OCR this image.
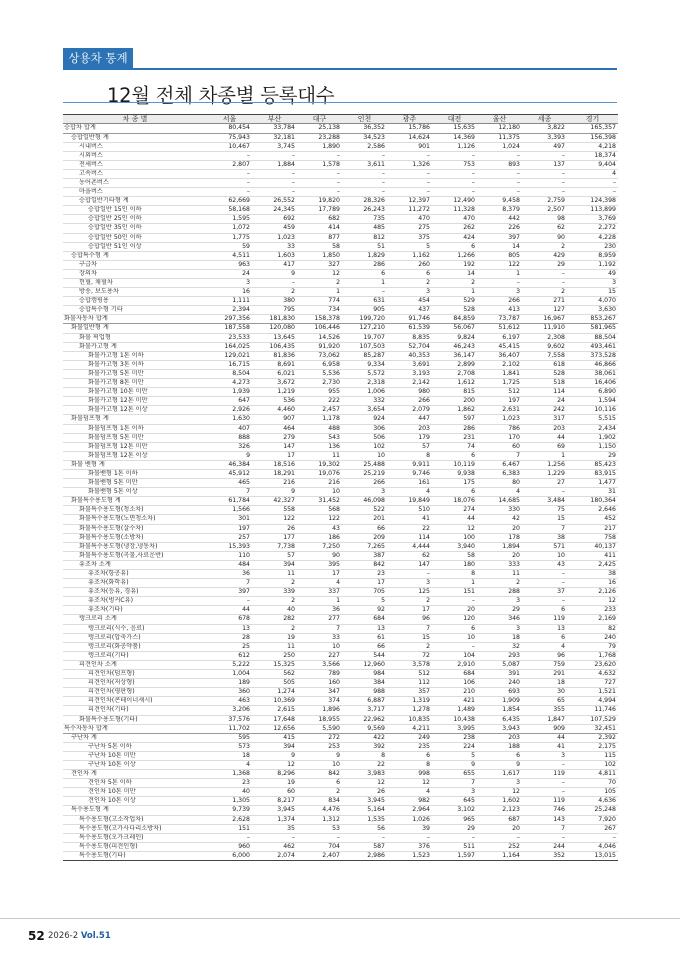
상용차 통계
12월 전체 차종별 등록대수
차 종 별	서울	부산	대구	인천	광주	대전	울산	세종	경기
승합차 합계	80,454	33,784	25,138	36,352	15,786	15,635	12,180	3,822	165,357
승합일반형 계	75,943	32,181	23,288	34,523	14,624	14,369	11,375	3,393	156,398
시내버스	10,467	3,745	1,890	2,586	901	1,126	1,024	497	4,218
시외버스	–	–	–	–	–	–	–	–	18,374
전세버스	2,807	1,884	1,578	3,611	1,326	753	893	137	9,404
고속버스	–	–	–	–	–	–	–	–	4
농어촌버스	–	–	–	–	–	–	–	–	–
마을버스	–	–	–	–	–	–	–	–	–
승합일반기타형 계	62,669	26,552	19,820	28,326	12,397	12,490	9,458	2,759	124,398
승합일반 15인 이하	58,168	24,345	17,789	26,243	11,272	11,328	8,379	2,507	113,899
승합일반 25인 이하	1,595	692	682	735	470	470	442	98	3,769
승합일반 35인 이하	1,072	459	414	485	275	262	226	62	2,272
승합일반 50인 이하	1,775	1,023	877	812	375	424	397	90	4,228
승합일반 51인 이상	59	33	58	51	5	6	14	2	230
승합특수형 계	4,511	1,603	1,850	1,829	1,162	1,266	805	429	8,959
구급차	963	417	327	286	260	192	122	29	1,192
장의차	24	9	12	6	6	14	1	–	49
헌혈, 채혈차	3	–	2	1	2	2	–	–	3
방송, 보도용차	16	2	1	–	3	1	3	2	15
승합캠핑용	1,111	380	774	631	454	529	266	271	4,070
승합특수형 기타	2,394	795	734	905	437	528	413	127	3,630
화물자동차 합계	297,356	181,830	158,378	199,720	91,746	84,859	73,787	16,967	853,267
화물일반형 계	187,558	120,080	106,446	127,210	61,539	56,067	51,612	11,910	581,965
화물 픽업형	23,533	13,645	14,526	19,707	8,835	9,824	6,197	2,308	88,504
화물카고형 계	164,025	106,435	91,920	107,503	52,704	46,243	45,415	9,602	493,461
화물카고형 1톤 이하	129,021	81,836	73,062	85,287	40,353	36,147	36,407	7,558	373,528
화물카고형 3톤 이하	16,715	8,691	6,958	9,334	3,691	2,899	2,102	618	46,866
화물카고형 5톤 미만	8,504	6,021	5,536	5,572	3,193	2,708	1,841	528	38,061
화물카고형 8톤 미만	4,273	3,672	2,730	2,318	2,142	1,612	1,725	518	16,406
화물카고형 10톤 미만	1,939	1,219	955	1,006	980	815	512	114	6,890
화물카고형 12톤 미만	647	536	222	332	266	200	197	24	1,594
화물카고형 12톤 이상	2,926	4,460	2,457	3,654	2,079	1,862	2,631	242	10,116
화물덤프형 계	1,630	907	1,178	924	447	597	1,023	317	5,515
화물덤프형 1톤 이하	407	464	488	306	203	286	786	203	2,434
화물덤프형 5톤 미만	888	279	543	506	179	231	170	44	1,902
화물덤프형 12톤 미만	326	147	136	102	57	74	60	69	1,150
화물덤프형 12톤 이상	9	17	11	10	8	6	7	1	29
화물 밴형 계	46,384	18,516	19,302	25,488	9,911	10,119	6,467	1,256	85,423
화물밴형 1톤 이하	45,912	18,291	19,076	25,219	9,746	9,938	6,383	1,229	83,915
화물밴형 5톤 미만	465	216	216	266	161	175	80	27	1,477
화물밴형 5톤 이상	7	9	10	3	4	6	4	–	31
화물특수용도형 계	61,784	42,327	31,452	46,098	19,849	18,076	14,685	3,484	180,364
화물특수용도형(청소차)	1,566	558	568	522	510	274	330	75	2,646
화물특수용도형(노면청소차)	301	122	122	201	41	44	42	15	452
화물특수용도형(살수차)	197	26	43	66	22	12	20	7	217
화물특수용도형(소방차)	257	177	186	209	114	100	178	38	758
화물특수용도형(냉장,냉동차)	15,393	7,738	7,250	7,265	4,444	3,940	1,894	571	40,137
화물특수용도형(곡물,사료운반)	110	57	90	387	62	58	20	10	411
유조차 소계	484	394	395	842	147	180	333	43	2,425
유조차(항공유)	36	11	17	23	–	8	11	–	38
유조차(화학유)	7	2	4	17	3	1	2	–	16
유조차(등유, 경유)	397	339	337	705	125	151	288	37	2,126
유조차(벙커C유)	–	2	1	5	2	–	3	–	12
유조차(기타)	44	40	36	92	17	20	29	6	233
탱크로리 소계	678	282	277	684	96	120	346	119	2,169
탱크로리(식수, 음료)	13	2	7	13	7	6	3	13	82
탱크로리(압축가스)	28	19	33	61	15	10	18	6	240
탱크로리(화공약품)	25	11	10	66	2	–	32	4	79
탱크로리(기타)	612	250	227	544	72	104	293	96	1,768
피견인차 소계	5,222	15,325	3,566	12,960	3,578	2,910	5,087	759	23,620
피견인차(덤프형)	1,004	562	789	984	512	684	391	291	4,632
피견인차(저상형)	189	505	160	384	112	106	240	18	727
피견인차(평판형)	360	1,274	347	988	357	210	693	30	1,521
피견인차(콘테이너섀시)	463	10,369	374	6,887	1,319	421	1,909	65	4,994
피견인차(기타)	3,206	2,615	1,896	3,717	1,278	1,489	1,854	355	11,746
화물특수용도형(기타)	37,576	17,648	18,955	22,962	10,835	10,438	6,435	1,847	107,529
특수자동차 합계	11,702	12,656	5,590	9,569	4,211	3,995	3,943	909	32,451
구난차 계	595	415	272	422	249	238	203	44	2,392
구난차 5톤 이하	573	394	253	392	235	224	188	41	2,175
구난차 10톤 미만	18	9	9	8	6	5	6	3	115
구난차 10톤 이상	4	12	10	22	8	9	9	–	102
견인차 계	1,368	8,296	842	3,983	998	655	1,617	119	4,811
견인차 5톤 이하	23	19	6	12	12	7	3	–	70
견인차 10톤 미만	40	60	2	26	4	3	12	–	105
견인차 10톤 이상	1,305	8,217	834	3,945	982	645	1,602	119	4,636
특수용도형 계	9,739	3,945	4,476	5,164	2,964	3,102	2,123	746	25,248
특수용도형(고소작업차)	2,628	1,374	1,312	1,535	1,026	965	687	143	7,920
특수용도형(고가사다리소방차)	151	35	53	56	39	29	20	7	267
특수용도형(오가크레인)	–	–	–	–	–	–	–	–	–
특수용도형(피견인형)	960	462	704	587	376	511	252	244	4,046
특수용도형(기타)	6,000	2,074	2,407	2,986	1,523	1,597	1,164	352	13,015
52 2026-2 Vol.51
